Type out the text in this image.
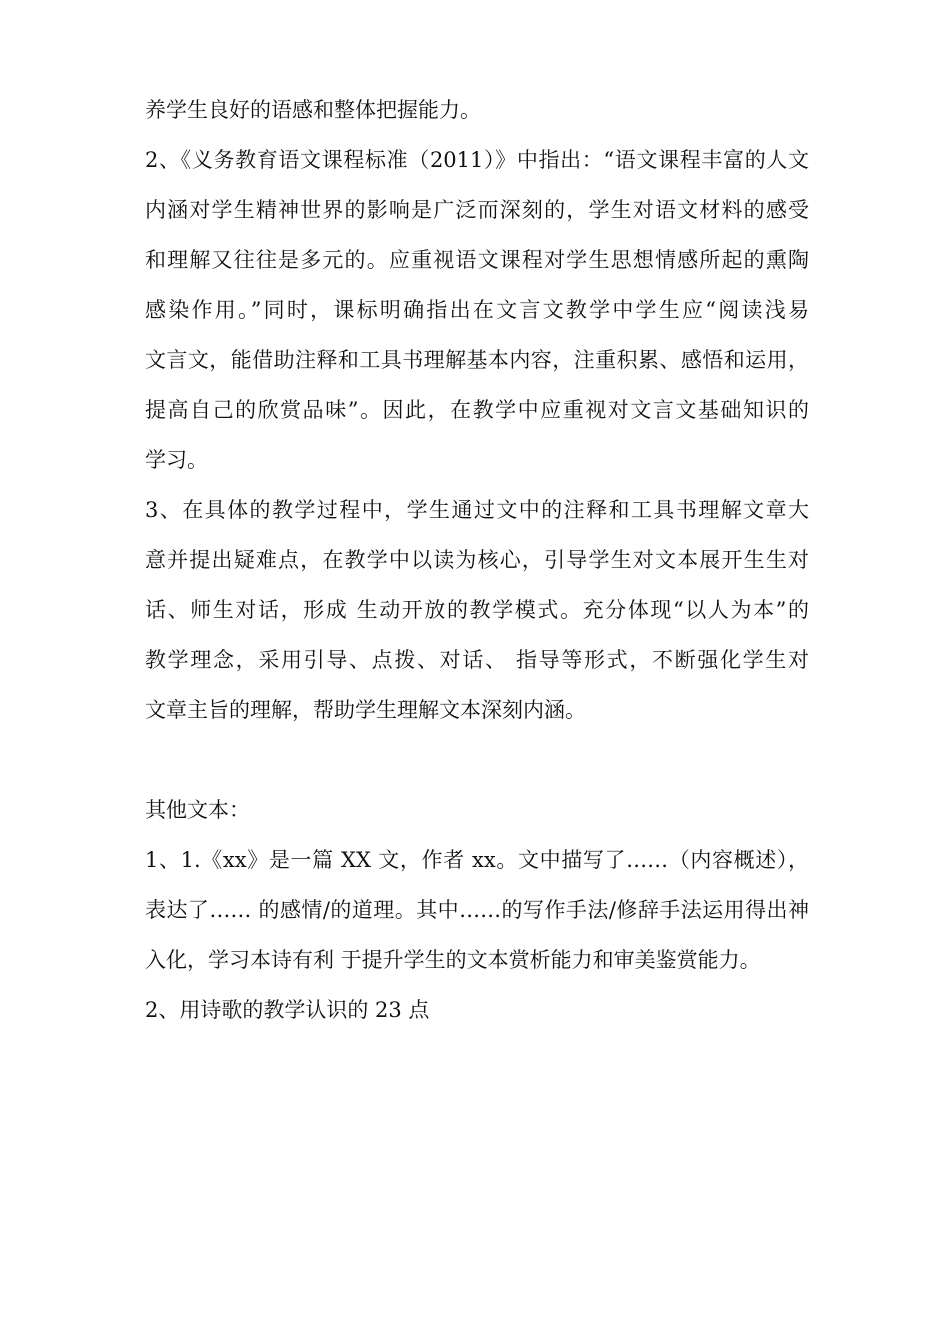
养学生良好的语感和整体把握能力。
2、《义务教育语文课程标准（2011）》中指出：“语文课程丰富的人文
内涵对学生精神世界的影响是广泛而深刻的，学生对语文材料的感受
和理解又往往是多元的。应重视语文课程对学生思想情感所起的熏陶
感染作用。”同时，课标明确指出在文言文教学中学生应“阅读浅易
文言文，能借助注释和工具书理解基本内容，注重积累、感悟和运用，
提高自己的欣赏品味”。因此，在教学中应重视对文言文基础知识的
学习。
3、在具体的教学过程中，学生通过文中的注释和工具书理解文章大
意并提出疑难点，在教学中以读为核心，引导学生对文本展开生生对
话、师生对话，形成 生动开放的教学模式。充分体现“以人为本”的
教学理念，采用引导、点拨、对话、 指导等形式，不断强化学生对
文章主旨的理解，帮助学生理解文本深刻内涵。
其他文本：
1、1.《xx》是一篇 XX 文，作者 xx。文中描写了……（内容概述），
表达了…… 的感情/的道理。其中……的写作手法/修辞手法运用得出神
入化，学习本诗有利 于提升学生的文本赏析能力和审美鉴赏能力。
2、用诗歌的教学认识的 23 点
